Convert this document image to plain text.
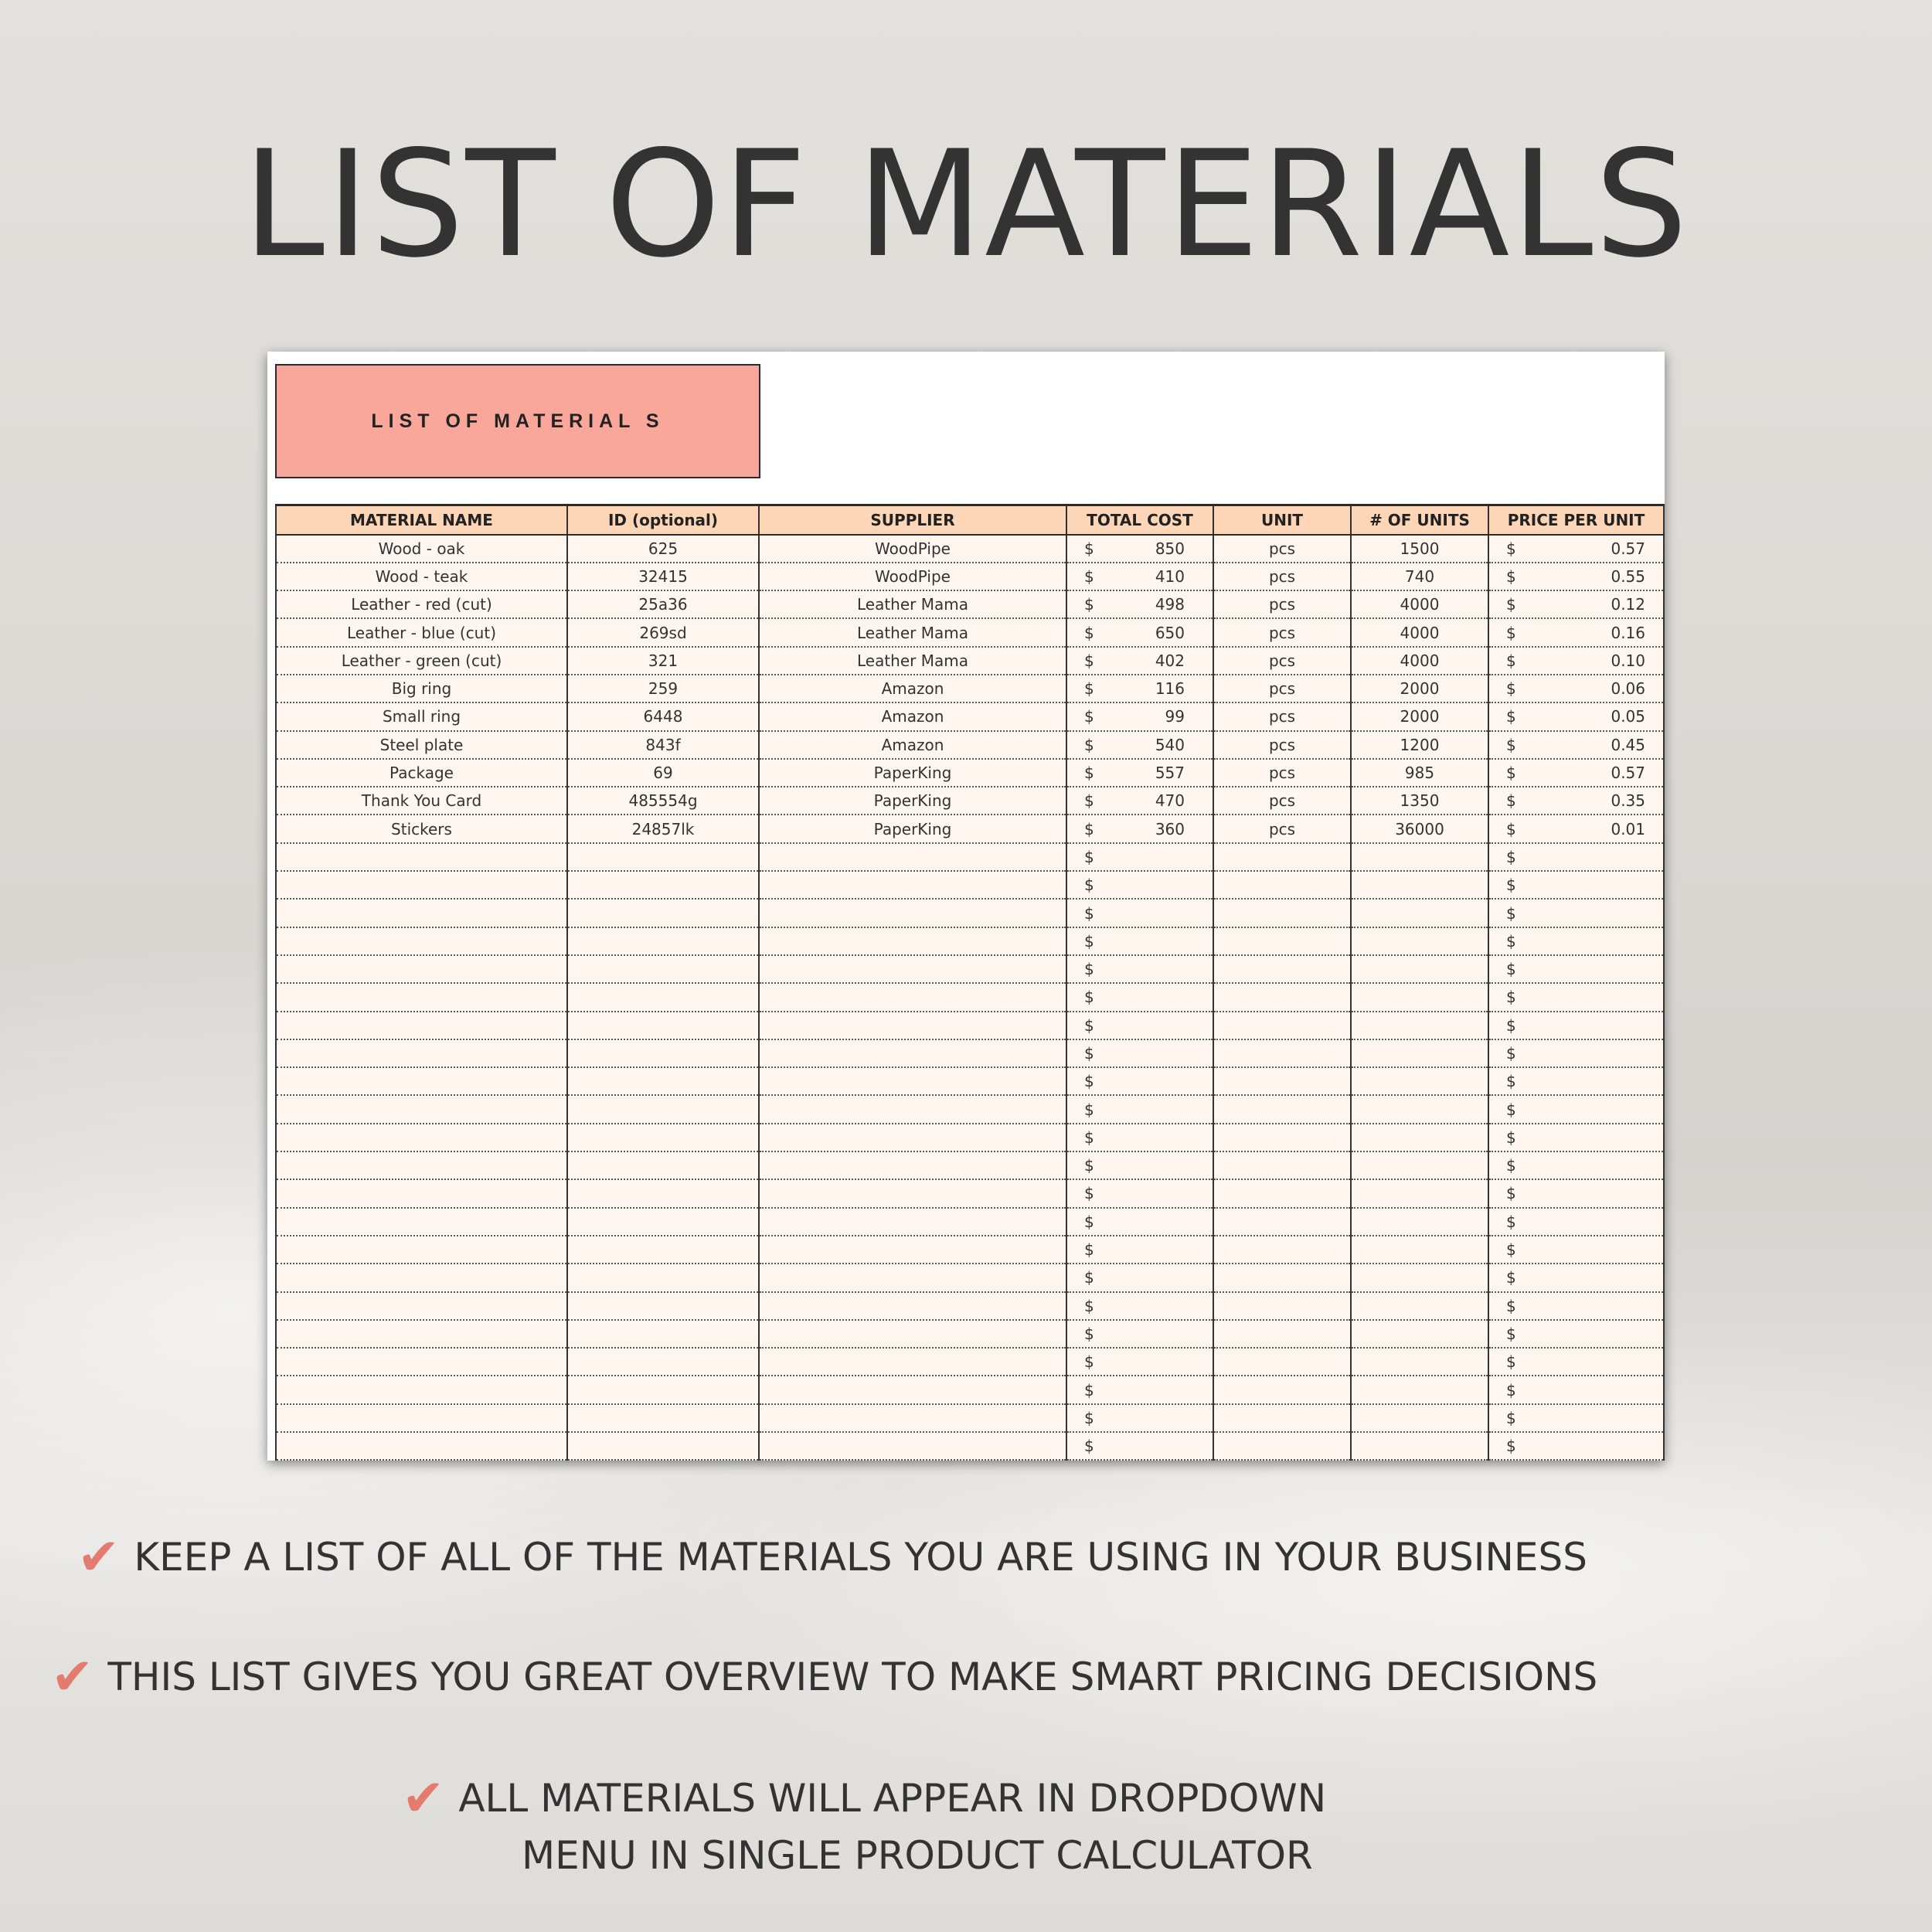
LIST OF MATERIALS
LIST OF MATERIAL S
MATERIAL NAME	ID (optional)	SUPPLIER	TOTAL COST	UNIT	# OF UNITS	PRICE PER UNIT
Wood - oak	625	WoodPipe	$ 850	pcs	1500	$ 0.57
Wood - teak	32415	WoodPipe	$ 410	pcs	740	$ 0.55
Leather - red (cut)	25a36	Leather Mama	$ 498	pcs	4000	$ 0.12
Leather - blue (cut)	269sd	Leather Mama	$ 650	pcs	4000	$ 0.16
Leather - green (cut)	321	Leather Mama	$ 402	pcs	4000	$ 0.10
Big ring	259	Amazon	$ 116	pcs	2000	$ 0.06
Small ring	6448	Amazon	$ 99	pcs	2000	$ 0.05
Steel plate	843f	Amazon	$ 540	pcs	1200	$ 0.45
Package	69	PaperKing	$ 557	pcs	985	$ 0.57
Thank You Card	485554g	PaperKing	$ 470	pcs	1350	$ 0.35
Stickers	24857lk	PaperKing	$ 360	pcs	36000	$ 0.01
			$			$
			$			$
			$			$
			$			$
			$			$
			$			$
			$			$
			$			$
			$			$
			$			$
			$			$
			$			$
			$			$
			$			$
			$			$
			$			$
			$			$
			$			$
			$			$
			$			$
			$			$
			$			$
✔ KEEP A LIST OF ALL OF THE MATERIALS YOU ARE USING IN YOUR BUSINESS
✔ THIS LIST GIVES YOU GREAT OVERVIEW TO MAKE SMART PRICING DECISIONS
✔ ALL MATERIALS WILL APPEAR IN DROPDOWN
MENU IN SINGLE PRODUCT CALCULATOR
